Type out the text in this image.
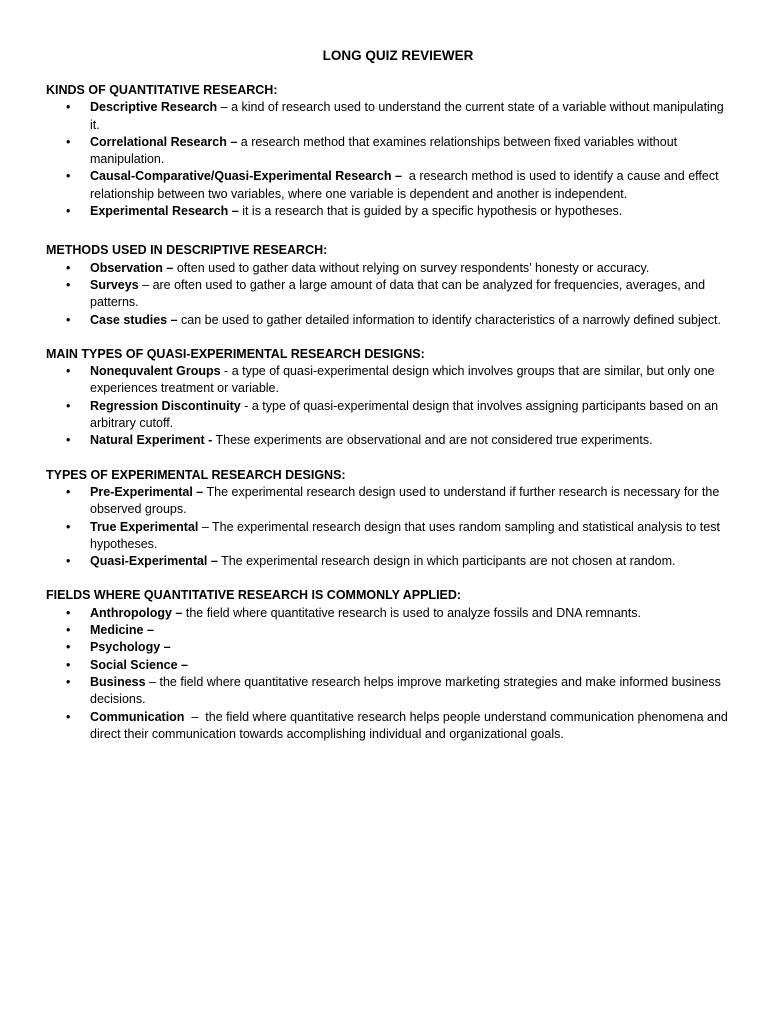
LONG QUIZ REVIEWER
KINDS OF QUANTITATIVE RESEARCH:
•	Descriptive Research – a kind of research used to understand the current state of a variable without manipulating it.
•	Correlational Research – a research method that examines relationships between fixed variables without manipulation.
•	Causal-Comparative/Quasi-Experimental Research – a research method is used to identify a cause and effect relationship between two variables, where one variable is dependent and another is independent.
•	Experimental Research – it is a research that is guided by a specific hypothesis or hypotheses.
METHODS USED IN DESCRIPTIVE RESEARCH:
•	Observation – often used to gather data without relying on survey respondents’ honesty or accuracy.
•	Surveys – are often used to gather a large amount of data that can be analyzed for frequencies, averages, and patterns.
•	Case studies – can be used to gather detailed information to identify characteristics of a narrowly defined subject.
MAIN TYPES OF QUASI-EXPERIMENTAL RESEARCH DESIGNS:
•	Nonequvalent Groups - a type of quasi-experimental design which involves groups that are similar, but only one experiences treatment or variable.
•	Regression Discontinuity - a type of quasi-experimental design that involves assigning participants based on an arbitrary cutoff.
•	Natural Experiment - These experiments are observational and are not considered true experiments.
TYPES OF EXPERIMENTAL RESEARCH DESIGNS:
•	Pre-Experimental – The experimental research design used to understand if further research is necessary for the observed groups.
•	True Experimental – The experimental research design that uses random sampling and statistical analysis to test hypotheses.
•	Quasi-Experimental – The experimental research design in which participants are not chosen at random.
FIELDS WHERE QUANTITATIVE RESEARCH IS COMMONLY APPLIED:
•	Anthropology – the field where quantitative research is used to analyze fossils and DNA remnants.
•	Medicine –
•	Psychology –
•	Social Science –
•	Business – the field where quantitative research helps improve marketing strategies and make informed business decisions.
•	Communication  –  the field where quantitative research helps people understand communication phenomena and direct their communication towards accomplishing individual and organizational goals.
